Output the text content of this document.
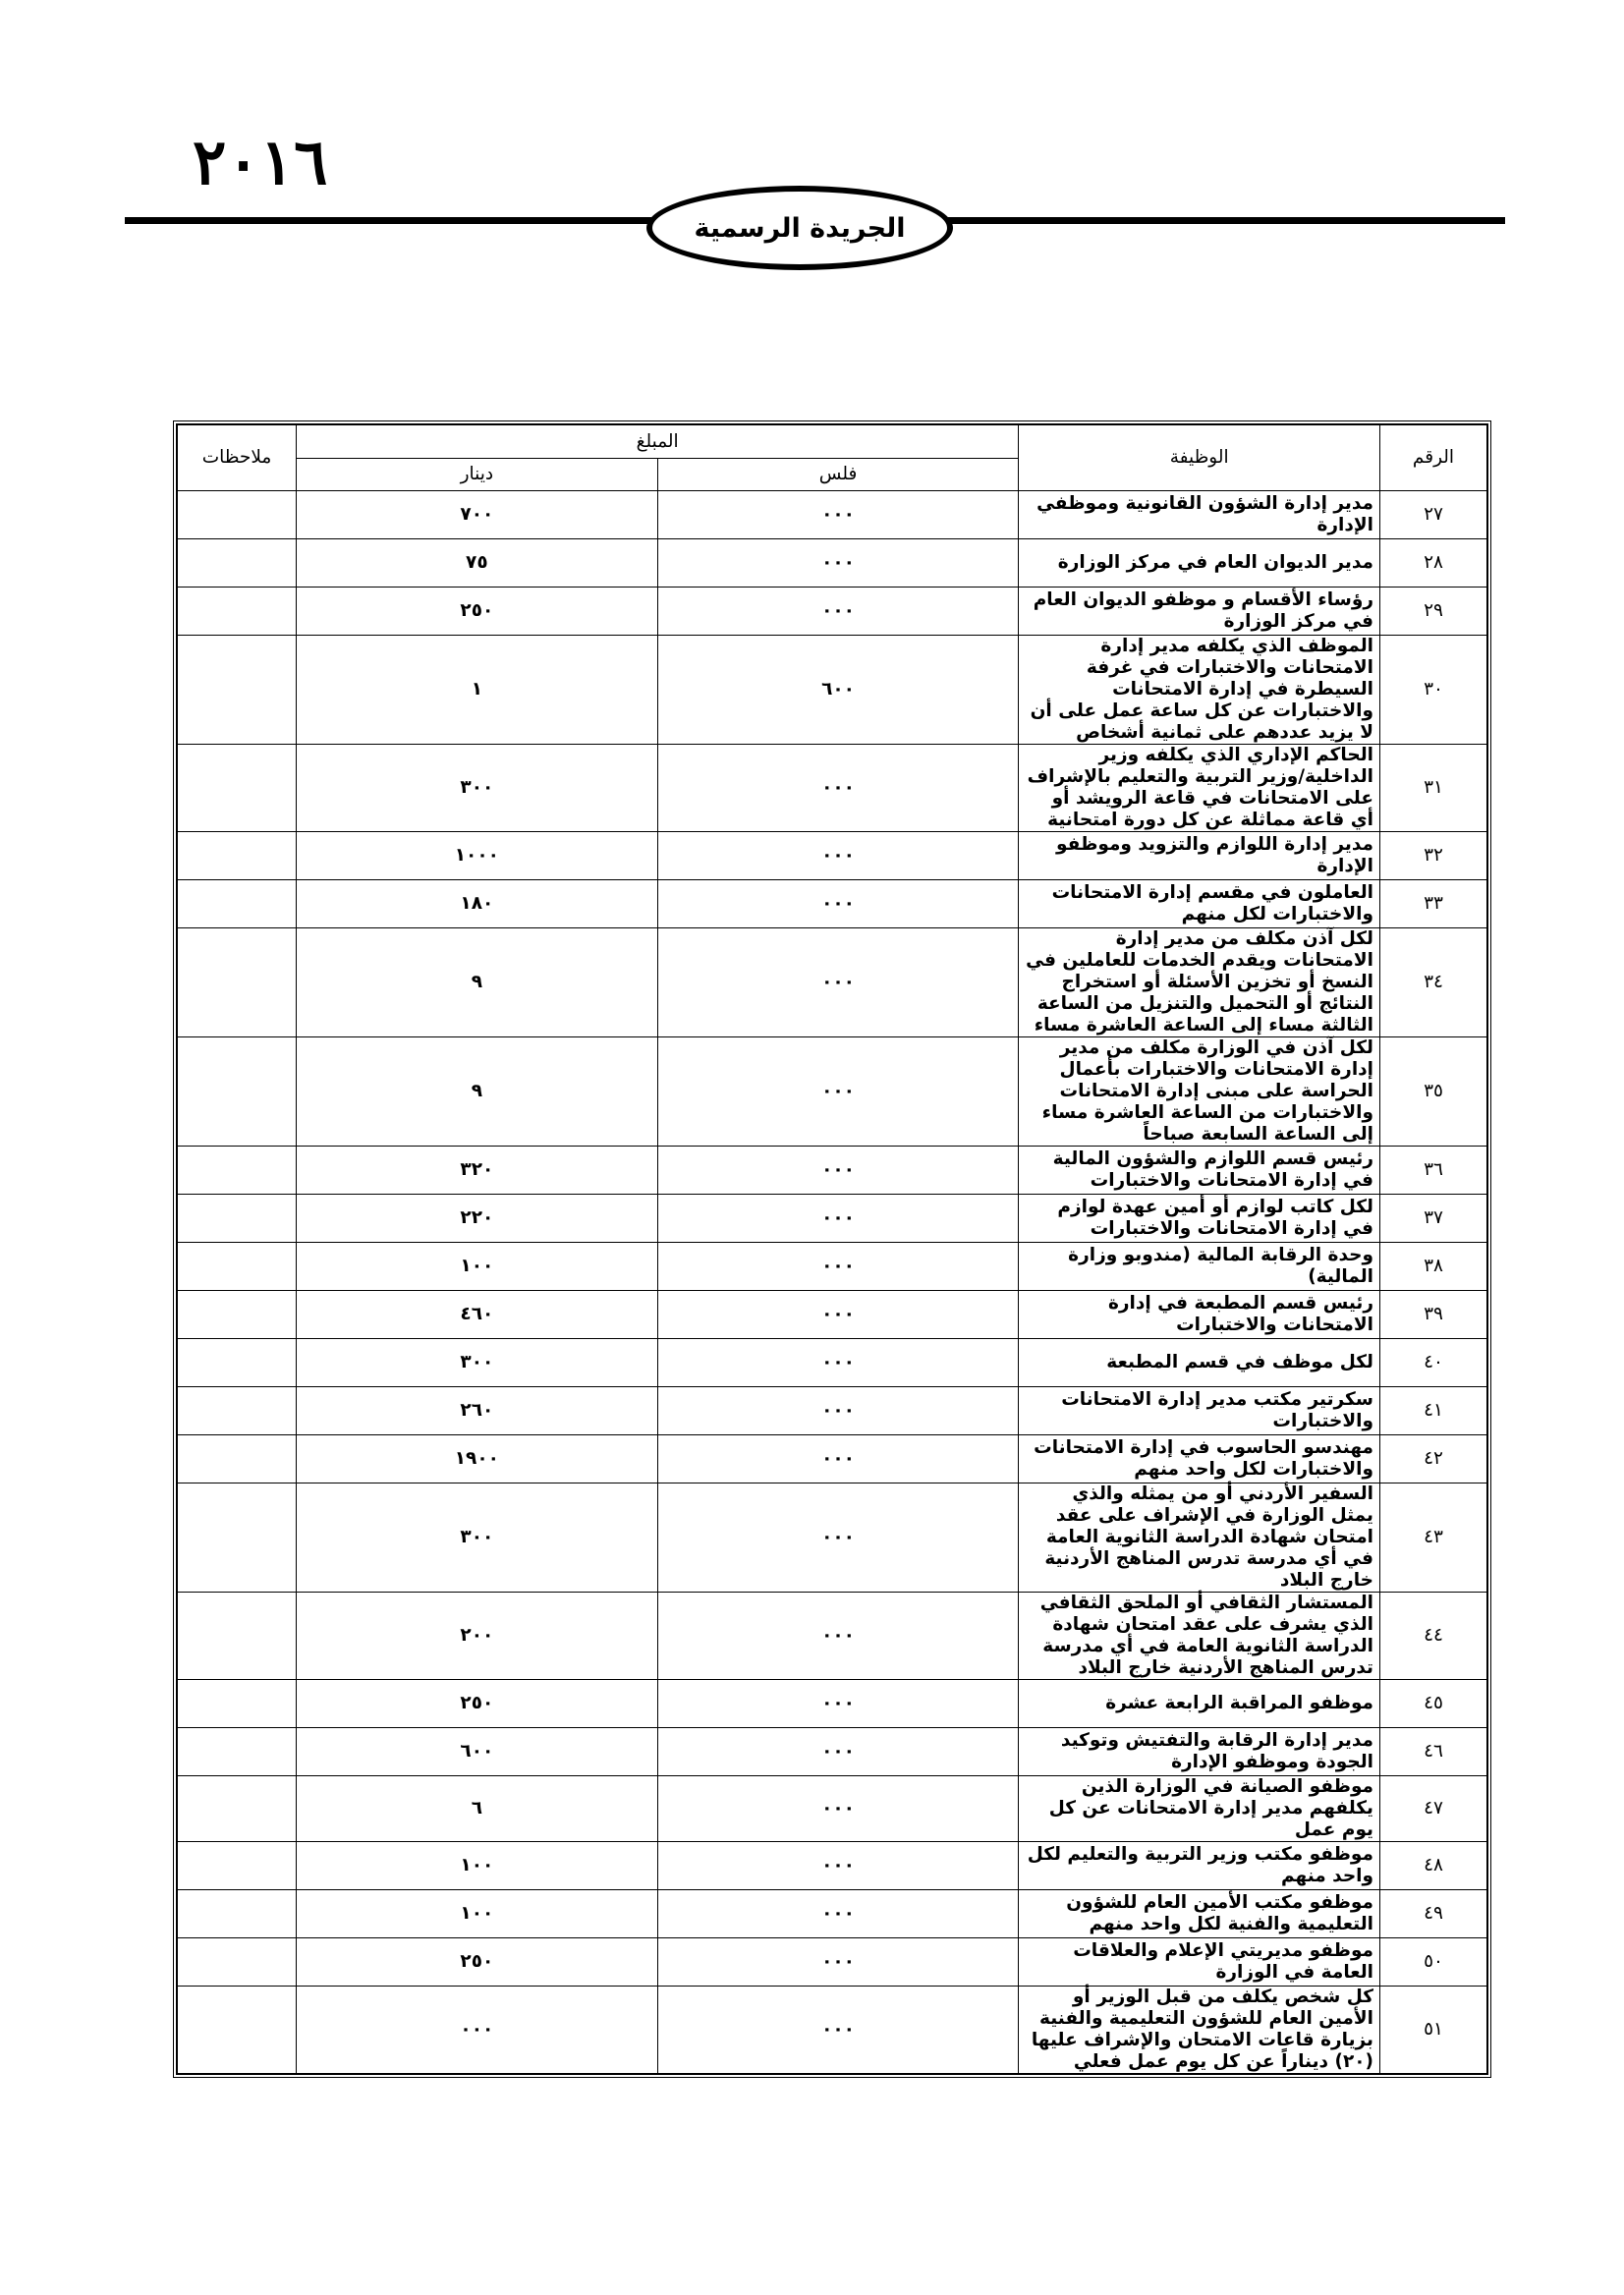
٢٠١٦
الجريدة الرسمية
الرقم	الوظيفة	المبلغ		ملاحظات
		فلس	دينار	
٢٧	مدير إدارة الشؤون القانونية وموظفي الإدارة	٠٠٠	٧٠٠	
٢٨	مدير الديوان العام في مركز الوزارة	٠٠٠	٧٥	
٢٩	رؤساء الأقسام و موظفو الديوان العام في مركز الوزارة	٠٠٠	٢٥٠	
٣٠	الموظف الذي يكلفه مدير إدارة الامتحانات والاختبارات في غرفة السيطرة في إدارة الامتحانات والاختبارات عن كل ساعة عمل على أن لا يزيد عددهم على ثمانية أشخاص	٦٠٠	١	
٣١	الحاكم الإداري الذي يكلفه وزير الداخلية/وزير التربية والتعليم بالإشراف على الامتحانات في قاعة الرويشد أو أي قاعة مماثلة عن كل دورة امتحانية	٠٠٠	٣٠٠	
٣٢	مدير إدارة اللوازم والتزويد وموظفو الإدارة	٠٠٠	١٠٠٠	
٣٣	العاملون في مقسم إدارة الامتحانات والاختبارات لكل منهم	٠٠٠	١٨٠	
٣٤	لكل آذن مكلف من مدير إدارة الامتحانات ويقدم الخدمات للعاملين في النسخ أو تخزين الأسئلة أو استخراج النتائج أو التحميل والتنزيل من الساعة الثالثة مساء إلى الساعة العاشرة مساء	٠٠٠	٩	
٣٥	لكل آذن في الوزارة مكلف من مدير إدارة الامتحانات والاختبارات بأعمال الحراسة على مبنى إدارة الامتحانات والاختبارات من الساعة العاشرة مساء إلى الساعة السابعة صباحاً	٠٠٠	٩	
٣٦	رئيس قسم اللوازم والشؤون المالية في إدارة الامتحانات والاختبارات	٠٠٠	٣٢٠	
٣٧	لكل كاتب لوازم أو أمين عهدة لوازم في إدارة الامتحانات والاختبارات	٠٠٠	٢٢٠	
٣٨	وحدة الرقابة المالية (مندوبو وزارة المالية)	٠٠٠	١٠٠	
٣٩	رئيس قسم المطبعة في إدارة الامتحانات والاختبارات	٠٠٠	٤٦٠	
٤٠	لكل موظف في قسم المطبعة	٠٠٠	٣٠٠	
٤١	سكرتير مكتب مدير إدارة الامتحانات والاختبارات	٠٠٠	٢٦٠	
٤٢	مهندسو الحاسوب في إدارة الامتحانات والاختبارات لكل واحد منهم	٠٠٠	١٩٠٠	
٤٣	السفير الأردني أو من يمثله والذي يمثل الوزارة في الإشراف على عقد امتحان شهادة الدراسة الثانوية العامة في أي مدرسة تدرس المناهج الأردنية خارج البلاد	٠٠٠	٣٠٠	
٤٤	المستشار الثقافي أو الملحق الثقافي الذي يشرف على عقد امتحان شهادة الدراسة الثانوية العامة في أي مدرسة تدرس المناهج الأردنية خارج البلاد	٠٠٠	٢٠٠	
٤٥	موظفو المراقبة الرابعة عشرة	٠٠٠	٢٥٠	
٤٦	مدير إدارة الرقابة والتفتيش وتوكيد الجودة وموظفو الإدارة	٠٠٠	٦٠٠	
٤٧	موظفو الصيانة في الوزارة الذين يكلفهم مدير إدارة الامتحانات عن كل يوم عمل	٠٠٠	٦	
٤٨	موظفو مكتب وزير التربية والتعليم لكل واحد منهم	٠٠٠	١٠٠	
٤٩	موظفو مكتب الأمين العام للشؤون التعليمية والفنية لكل واحد منهم	٠٠٠	١٠٠	
٥٠	موظفو مديريتي الإعلام والعلاقات العامة في الوزارة	٠٠٠	٢٥٠	
٥١	كل شخص يكلف من قبل الوزير أو الأمين العام للشؤون التعليمية والفنية بزيارة قاعات الامتحان والإشراف عليها (٢٠) ديناراً عن كل يوم عمل فعلي	٠٠٠	٠٠٠	
